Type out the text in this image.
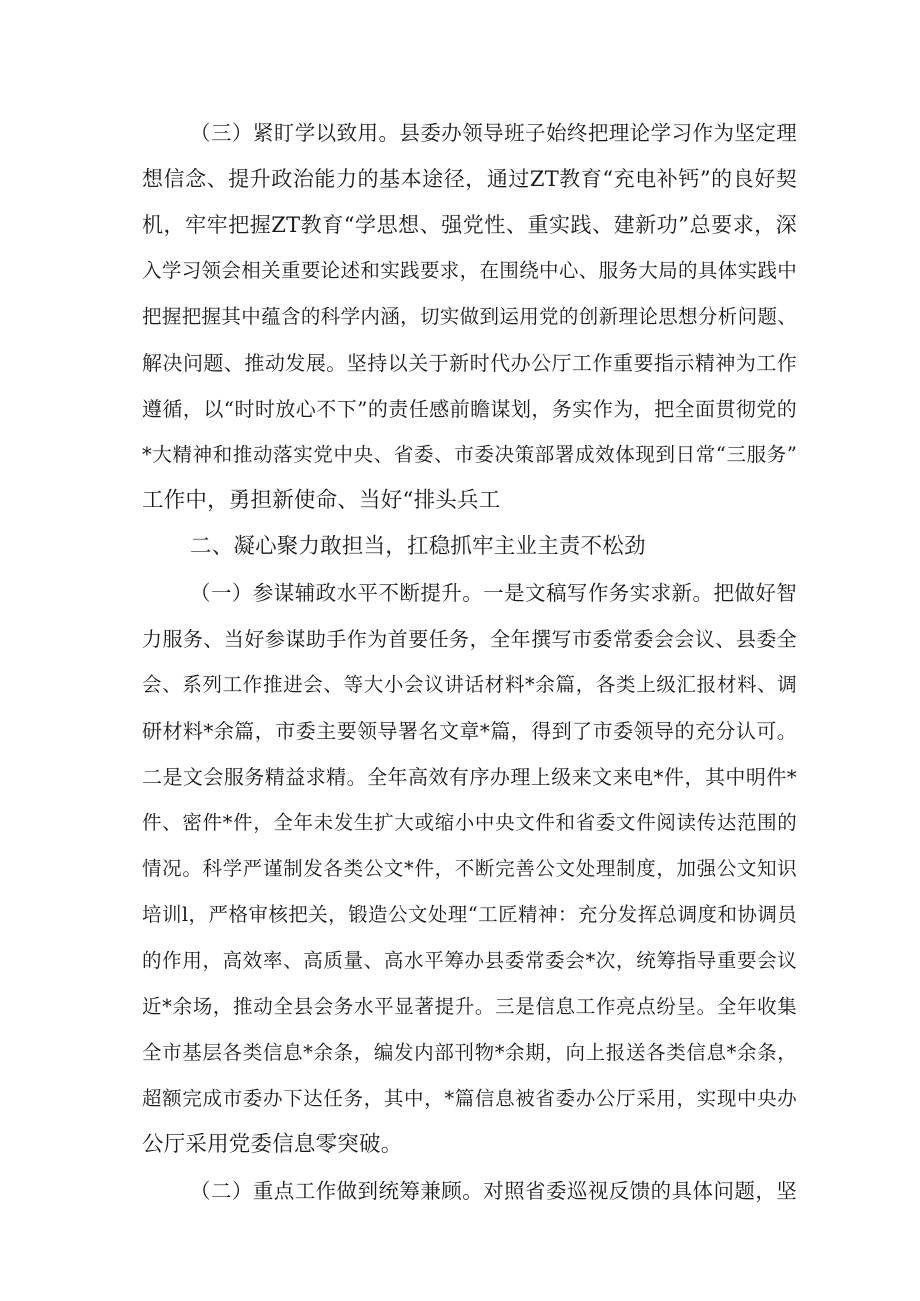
（三）紧盯学以致用。县委办领导班子始终把理论学习作为坚定理
想信念、提升政治能力的基本途径，通过ZT教育“充电补钙”的良好契
机，牢牢把握ZT教育“学思想、强党性、重实践、建新功”总要求，深
入学习领会相关重要论述和实践要求，在围绕中心、服务大局的具体实践中
把握把握其中蕴含的科学内涵，切实做到运用党的创新理论思想分析问题、
解决问题、推动发展。坚持以关于新时代办公厅工作重要指示精神为工作
遵循，以“时时放心不下”的责任感前瞻谋划，务实作为，把全面贯彻党的
*大精神和推动落实党中央、省委、市委决策部署成效体现到日常“三服务”
工作中，勇担新使命、当好“排头兵工
二、凝心聚力敢担当，扛稳抓牢主业主责不松劲
（一）参谋辅政水平不断提升。一是文稿写作务实求新。把做好智
力服务、当好参谋助手作为首要任务，全年撰写市委常委会会议、县委全
会、系列工作推进会、等大小会议讲话材料*余篇，各类上级汇报材料、调
研材料*余篇，市委主要领导署名文章*篇，得到了市委领导的充分认可。
二是文会服务精益求精。全年高效有序办理上级来文来电*件，其中明件*
件、密件*件，全年未发生扩大或缩小中央文件和省委文件阅读传达范围的
情况。科学严谨制发各类公文*件，不断完善公文处理制度，加强公文知识
培训l，严格审核把关，锻造公文处理“工匠精神：充分发挥总调度和协调员
的作用，高效率、高质量、高水平筹办县委常委会*次，统筹指导重要会议
近*余场，推动全县会务水平显著提升。三是信息工作亮点纷呈。全年收集
全市基层各类信息*余条，编发内部刊物*余期，向上报送各类信息*余条，
超额完成市委办下达任务，其中，*篇信息被省委办公厅采用，实现中央办
公厅采用党委信息零突破。
（二）重点工作做到统筹兼顾。对照省委巡视反馈的具体问题，坚
